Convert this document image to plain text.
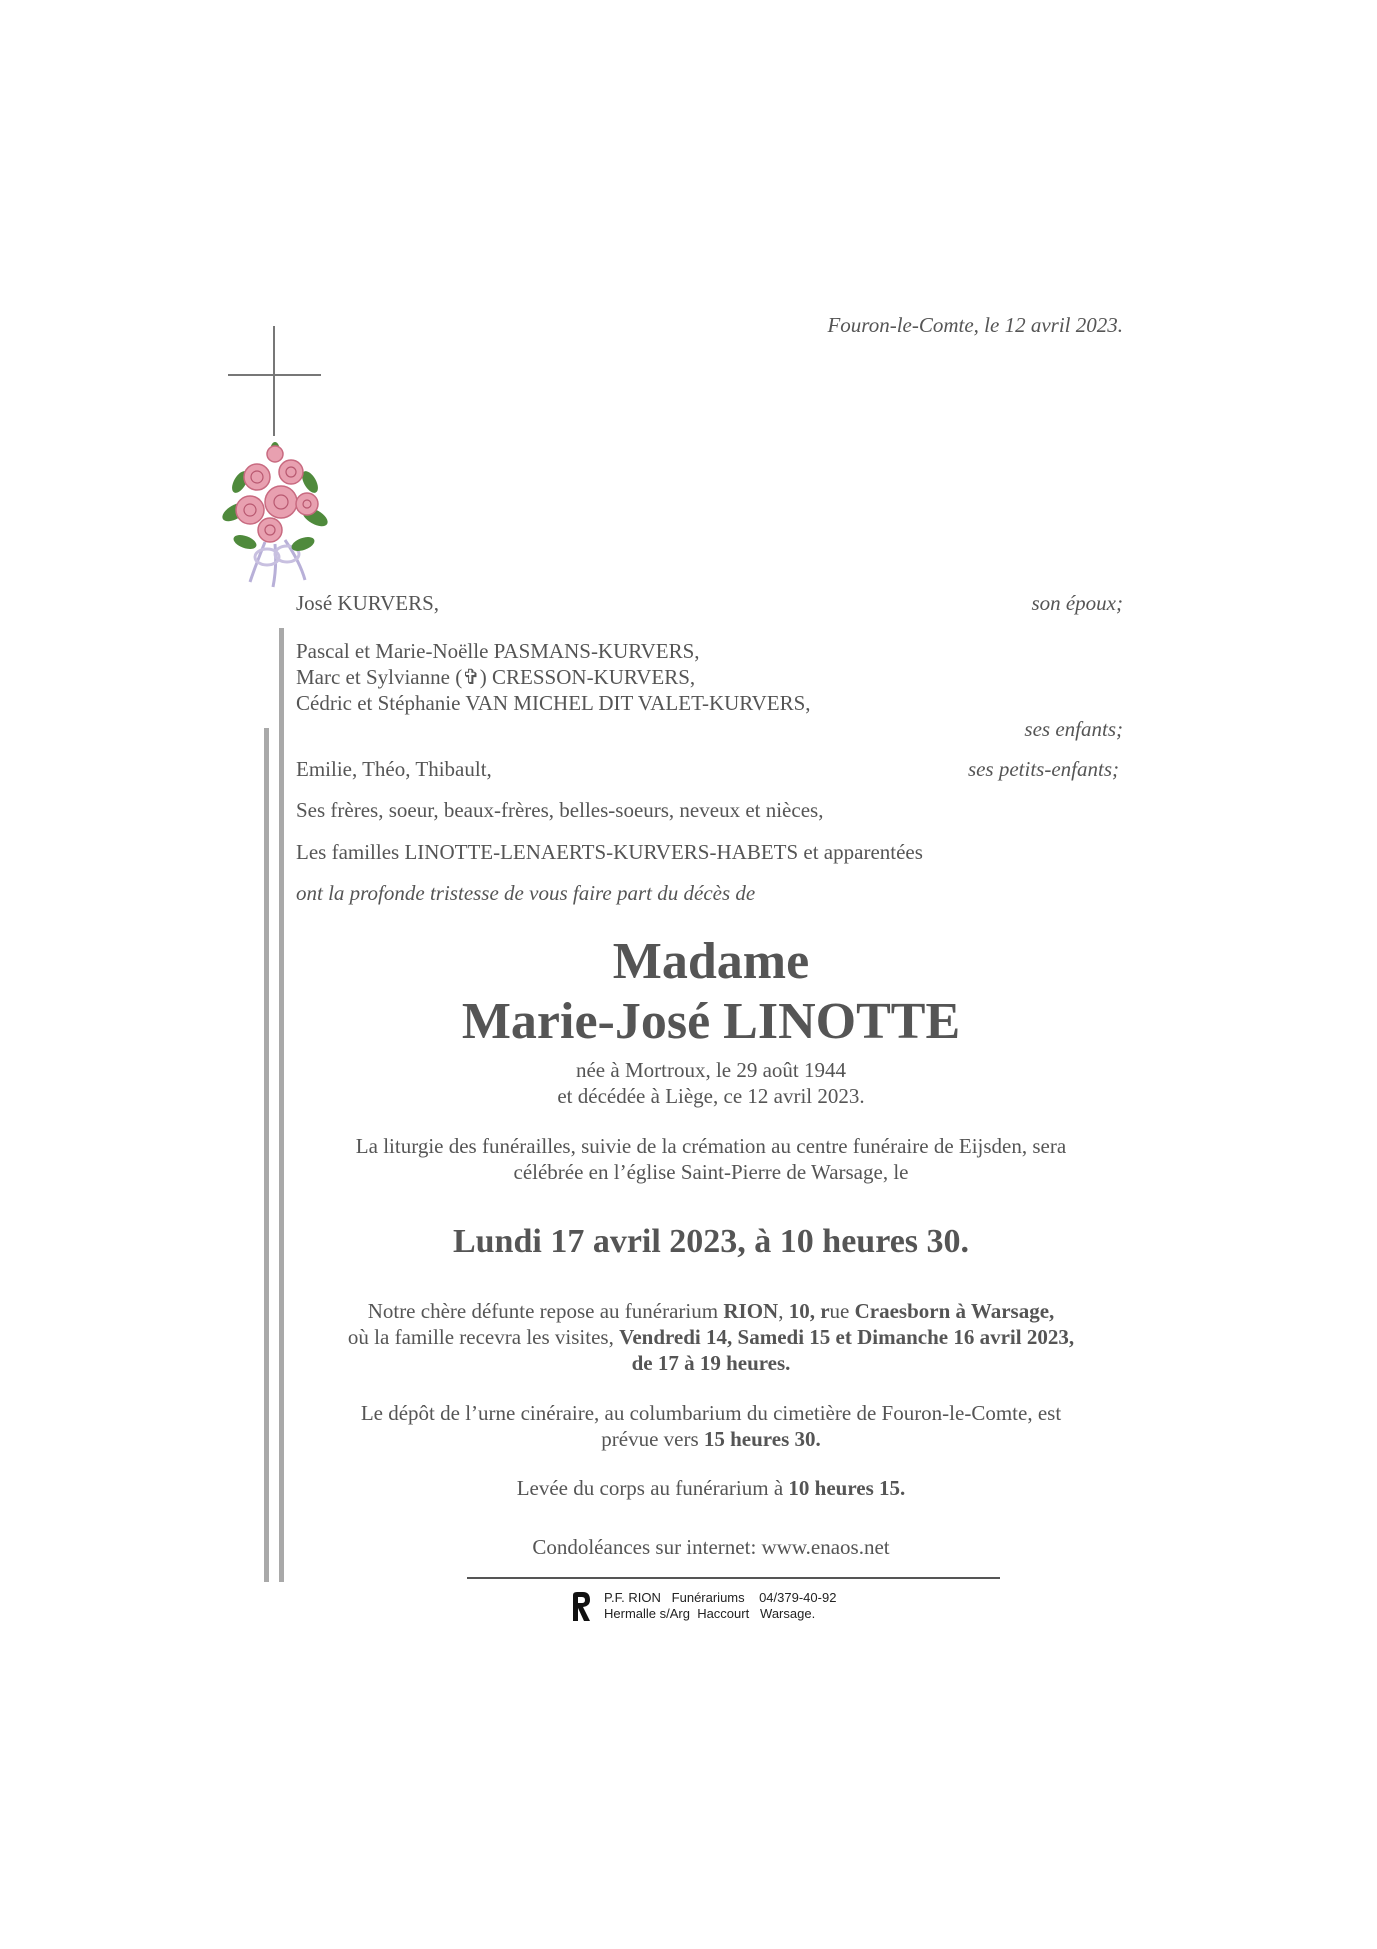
Fouron-le-Comte, le 12 avril 2023.
José KURVERS,	son époux;
Pascal et Marie-Noëlle PASMANS-KURVERS,
Marc et Sylvianne (✞) CRESSON-KURVERS,
Cédric et Stéphanie VAN MICHEL DIT VALET-KURVERS,
ses enfants;
Emilie, Théo, Thibault,	ses petits-enfants;
Ses frères, soeur, beaux-frères, belles-soeurs, neveux et nièces,
Les familles LINOTTE-LENAERTS-KURVERS-HABETS et apparentées
ont la profonde tristesse de vous faire part du décès de
Madame
Marie-José LINOTTE
née à Mortroux, le 29 août 1944
et décédée à Liège, ce 12 avril 2023.
La liturgie des funérailles, suivie de la crémation au centre funéraire de Eijsden, sera
célébrée en l’église Saint-Pierre de Warsage, le
Lundi 17 avril 2023, à 10 heures 30.
Notre chère défunte repose au funérarium RION, 10, rue Craesborn à Warsage,
où la famille recevra les visites, Vendredi 14, Samedi 15 et Dimanche 16 avril 2023,
de 17 à 19 heures.
Le dépôt de l’urne cinéraire, au columbarium du cimetière de Fouron-le-Comte, est
prévue vers 15 heures 30.
Levée du corps au funérarium à 10 heures 15.
Condoléances sur internet: www.enaos.net
P.F. RION   Funérariums    04/379-40-92
Hermalle s/Arg  Haccourt   Warsage.
